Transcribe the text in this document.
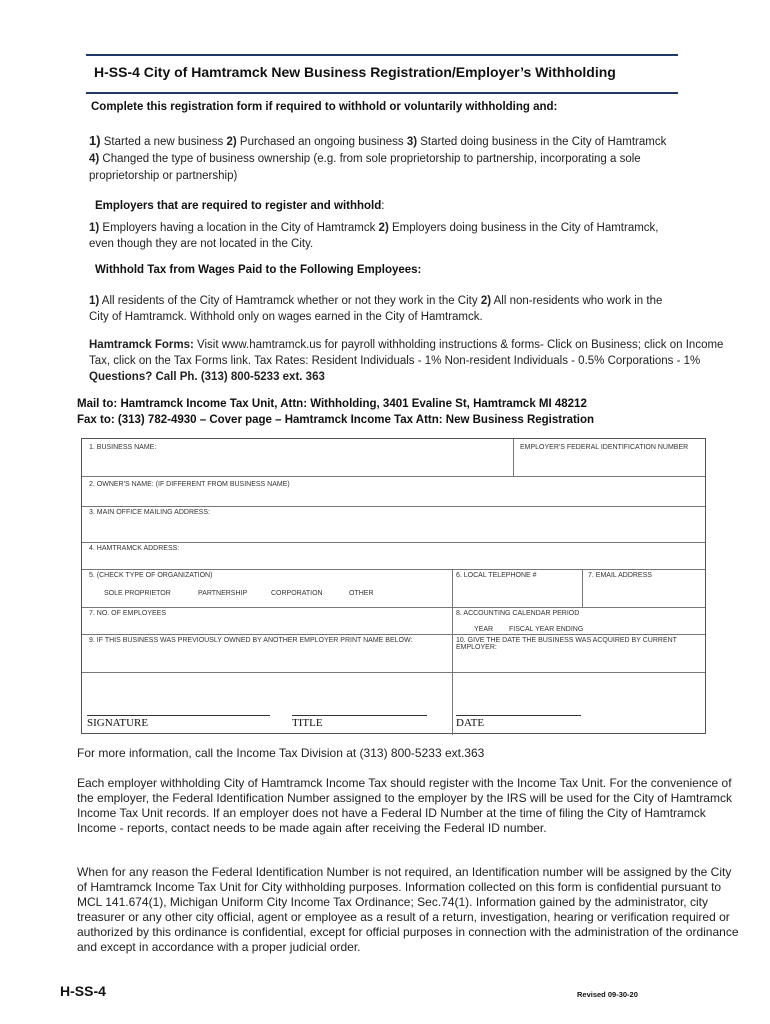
H-SS-4 City of Hamtramck New Business Registration/Employer’s Withholding
Complete this registration form if required to withhold or voluntarily withholding and:
1) Started a new business 2) Purchased an ongoing business 3) Started doing business in the City of Hamtramck 4) Changed the type of business ownership (e.g. from sole proprietorship to partnership, incorporating a sole proprietorship or partnership)
Employers that are required to register and withhold:
1) Employers having a location in the City of Hamtramck 2) Employers doing business in the City of Hamtramck, even though they are not located in the City.
Withhold Tax from Wages Paid to the Following Employees:
1) All residents of the City of Hamtramck whether or not they work in the City 2) All non-residents who work in the City of Hamtramck. Withhold only on wages earned in the City of Hamtramck.
Hamtramck Forms: Visit www.hamtramck.us for payroll withholding instructions & forms- Click on Business; click on Income Tax, click on the Tax Forms link. Tax Rates: Resident Individuals - 1% Non-resident Individuals - 0.5% Corporations - 1% Questions? Call Ph. (313) 800-5233 ext. 363
Mail to: Hamtramck Income Tax Unit, Attn: Withholding, 3401 Evaline St, Hamtramck MI 48212
Fax to: (313) 782-4930 – Cover page – Hamtramck Income Tax Attn: New Business Registration
1. BUSINESS NAME:	EMPLOYER'S FEDERAL IDENTIFICATION NUMBER
2. OWNER'S NAME: (IF DIFFERENT FROM BUSINESS NAME)
3. MAIN OFFICE MAILING ADDRESS:
4. HAMTRAMCK ADDRESS:
5. (CHECK TYPE OF ORGANIZATION)
SOLE PROPRIETOR	PARTNERSHIP	CORPORATION	OTHER
6. LOCAL TELEPHONE #	7. EMAIL ADDRESS
7. NO. OF EMPLOYEES	8. ACCOUNTING CALENDAR PERIOD
YEAR FISCAL YEAR ENDING
9. IF THIS BUSINESS WAS PREVIOUSLY OWNED BY ANOTHER EMPLOYER PRINT NAME BELOW:	10. GIVE THE DATE THE BUSINESS WAS ACQUIRED BY CURRENT EMPLOYER:
SIGNATURE	TITLE	DATE
For more information, call the Income Tax Division at (313) 800-5233 ext.363
Each employer withholding City of Hamtramck Income Tax should register with the Income Tax Unit. For the convenience of the employer, the Federal Identification Number assigned to the employer by the IRS will be used for the City of Hamtramck Income Tax Unit records. If an employer does not have a Federal ID Number at the time of filing the City of Hamtramck Income - reports, contact needs to be made again after receiving the Federal ID number.
When for any reason the Federal Identification Number is not required, an Identification number will be assigned by the City of Hamtramck Income Tax Unit for City withholding purposes. Information collected on this form is confidential pursuant to MCL 141.674(1), Michigan Uniform City Income Tax Ordinance; Sec.74(1). Information gained by the administrator, city treasurer or any other city official, agent or employee as a result of a return, investigation, hearing or verification required or authorized by this ordinance is confidential, except for official purposes in connection with the administration of the ordinance and except in accordance with a proper judicial order.
H-SS-4	Revised 09-30-20
